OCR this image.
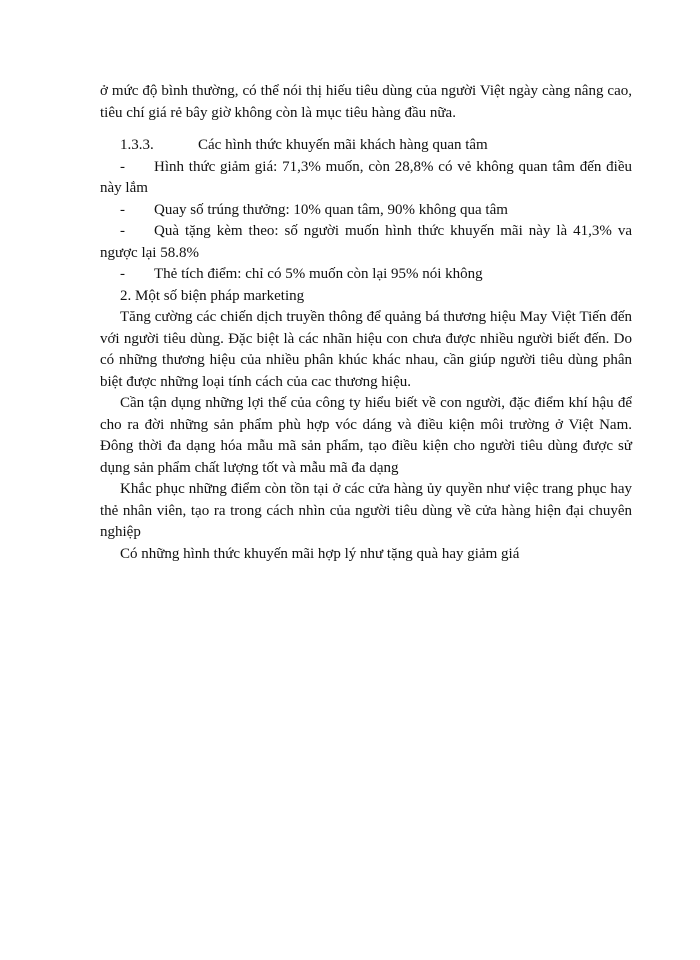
ở mức độ bình thường, có thể nói thị hiếu tiêu dùng của người Việt ngày càng nâng cao, tiêu chí giá rẻ bây giờ không còn là mục tiêu hàng đầu nữa.

1.3.3.	Các hình thức khuyến mãi khách hàng quan tâm

- Hình thức giảm giá: 71,3% muốn, còn 28,8% có vẻ không quan tâm đến điều này lắm

- Quay số trúng thưởng: 10% quan tâm, 90% không qua tâm

- Quà tặng kèm theo: số người muốn hình thức khuyến mãi này là 41,3% va ngược lại 58.8%

- Thẻ tích điểm: chỉ có 5% muốn còn lại 95% nói không

2. Một số biện pháp marketing

Tăng cường các chiến dịch truyền thông để quảng bá thương hiệu May Việt Tiến đến với người tiêu dùng. Đặc biệt là các nhãn hiệu con chưa được nhiều người biết đến. Do có những thương hiệu của nhiều phân khúc khác nhau, cần giúp người tiêu dùng phân biệt được những loại tính cách của cac thương hiệu.

Cần tận dụng những lợi thế của công ty hiểu biết về con người, đặc điểm khí hậu để cho ra đời những sản phẩm phù hợp vóc dáng và điều kiện môi trường ở Việt Nam. Đông thời đa dạng hóa mẫu mã sản phẩm, tạo điều kiện cho người tiêu dùng được sử dụng sản phẩm chất lượng tốt và mẫu mã đa dạng

Khắc phục những điểm còn tồn tại ở các cửa hàng ủy quyền như việc trang phục hay thẻ nhân viên, tạo ra trong cách nhìn của người tiêu dùng về cửa hàng hiện đại chuyên nghiệp

Có những hình thức khuyến mãi hợp lý như tặng quà hay giảm giá
